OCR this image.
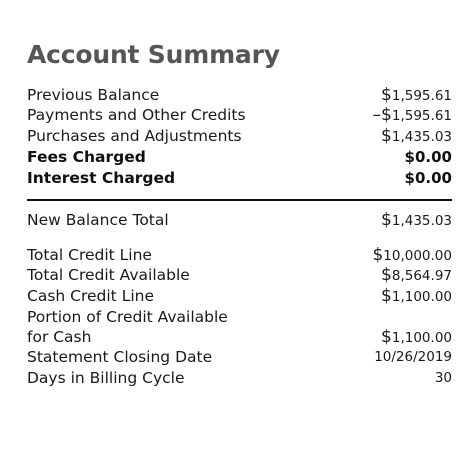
Account Summary
Previous Balance	$1,595.61
Payments and Other Credits	–$1,595.61
Purchases and Adjustments	$1,435.03
Fees Charged	$0.00
Interest Charged	$0.00
New Balance Total	$1,435.03
Total Credit Line	$10,000.00
Total Credit Available	$8,564.97
Cash Credit Line	$1,100.00
Portion of Credit Available
for Cash	$1,100.00
Statement Closing Date	10/26/2019
Days in Billing Cycle	30
